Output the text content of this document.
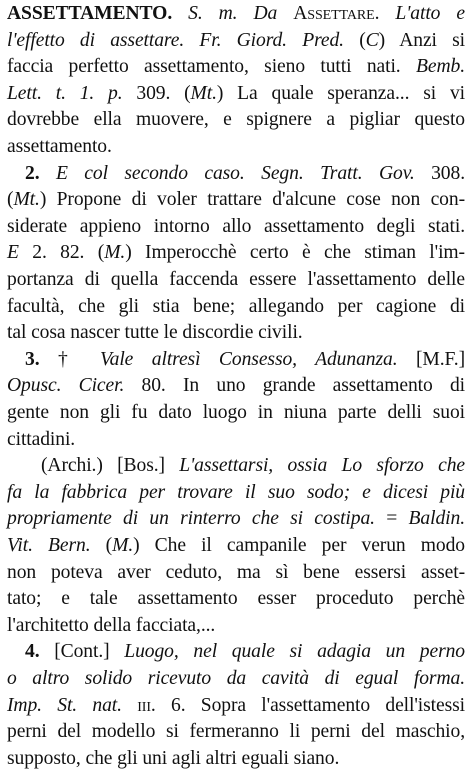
ASSETTAMENTO. S. m. Da Assettare. L'atto e
l'effetto di assettare. Fr. Giord. Pred. (C) Anzi si
faccia perfetto assettamento, sieno tutti nati. Bemb.
Lett. t. 1. p. 309. (Mt.) La quale speranza... si vi
dovrebbe ella muovere, e spignere a pigliar questo
assettamento.
2. E col secondo caso. Segn. Tratt. Gov. 308.
(Mt.) Propone di voler trattare d'alcune cose non con-
siderate appieno intorno allo assettamento degli stati.
E 2. 82. (M.) Imperocchè certo è che stiman l'im-
portanza di quella faccenda essere l'assettamento delle
facultà, che gli stia bene; allegando per cagione di
tal cosa nascer tutte le discordie civili.
3. † Vale altresì Consesso, Adunanza. [M.F.]
Opusc. Cicer. 80. In uno grande assettamento di
gente non gli fu dato luogo in niuna parte delli suoi
cittadini.
(Archi.) [Bos.] L'assettarsi, ossia Lo sforzo che
fa la fabbrica per trovare il suo sodo; e dicesi più
propriamente di un rinterro che si costipa. = Baldin.
Vit. Bern. (M.) Che il campanile per verun modo
non poteva aver ceduto, ma sì bene essersi asset-
tato; e tale assettamento esser proceduto perchè
l'architetto della facciata,...
4. [Cont.] Luogo, nel quale si adagia un perno
o altro solido ricevuto da cavità di egual forma.
Imp. St. nat. iii. 6. Sopra l'assettamento dell'istessi
perni del modello si fermeranno li perni del maschio,
supposto, che gli uni agli altri eguali siano.
